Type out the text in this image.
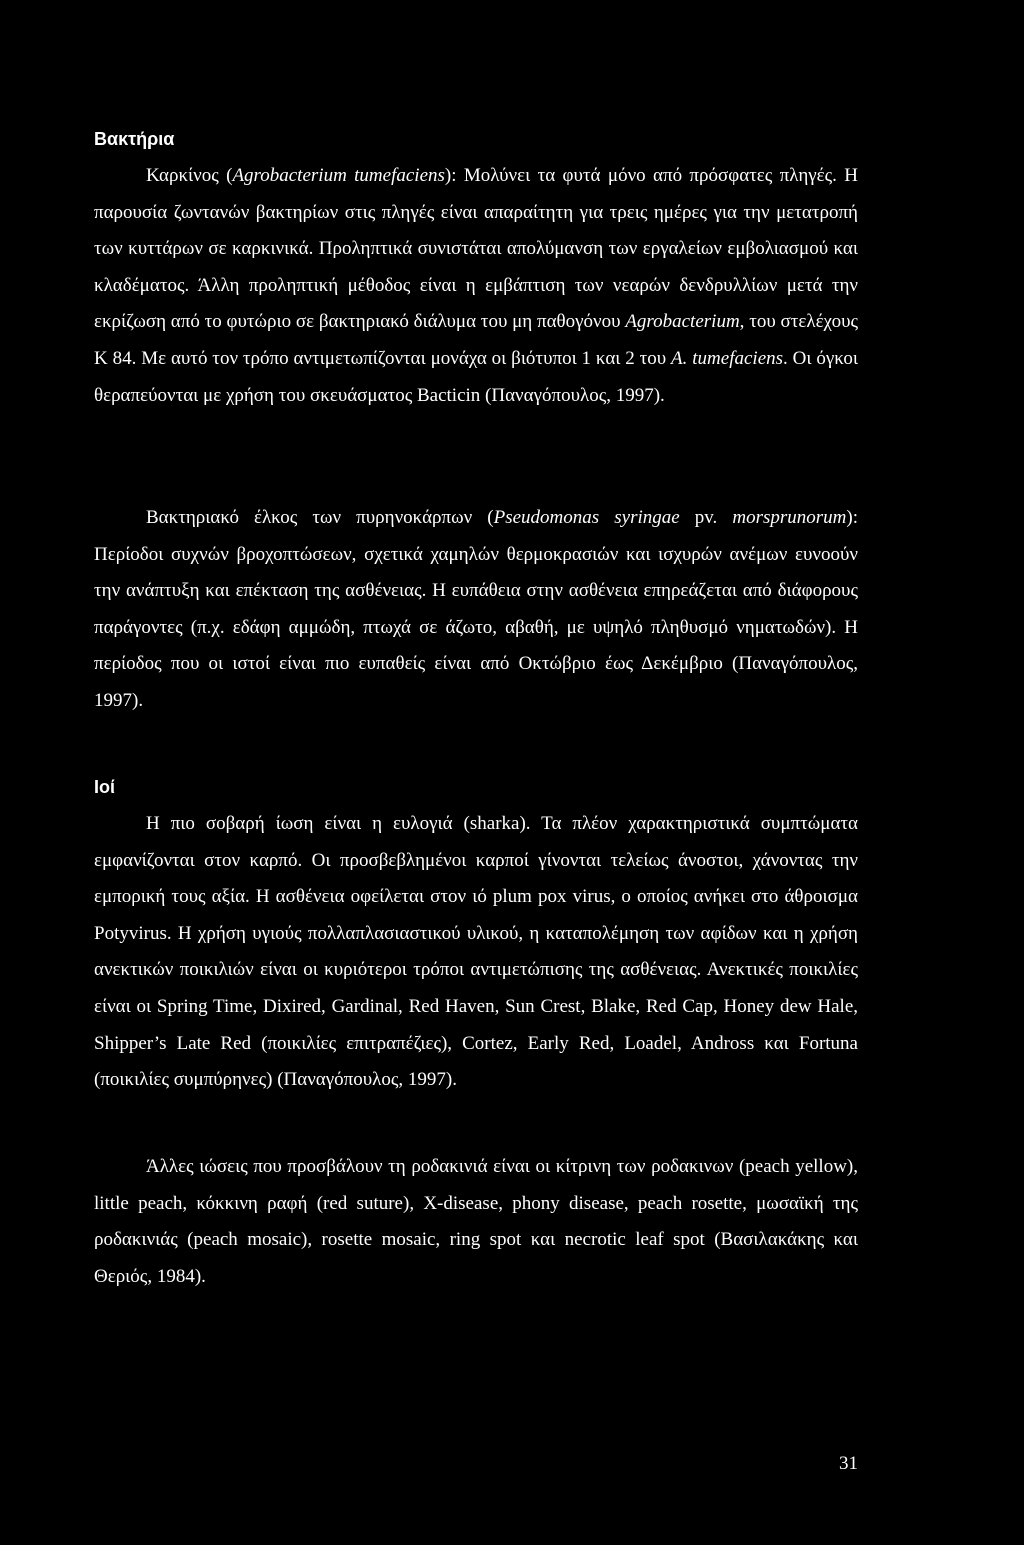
Βακτήρια

Καρκίνος (Agrobacterium tumefaciens): Μολύνει τα φυτά μόνο από πρόσφατες πληγές. Η παρουσία ζωντανών βακτηρίων στις πληγές είναι απαραίτητη για τρεις ημέρες για την μετατροπή των κυττάρων σε καρκινικά. Προληπτικά συνιστάται απολύμανση των εργαλείων εμβολιασμού και κλαδέματος. Άλλη προληπτική μέθοδος είναι η εμβάπτιση των νεαρών δενδρυλλίων μετά την εκρίζωση από το φυτώριο σε βακτηριακό διάλυμα του μη παθογόνου Agrobacterium, του στελέχους K 84. Με αυτό τον τρόπο αντιμετωπίζονται μονάχα οι βιότυποι 1 και 2 του A. tumefaciens. Οι όγκοι θεραπεύονται με χρήση του σκευάσματος Bacticin (Παναγόπουλος, 1997).

Βακτηριακό έλκος των πυρηνοκάρπων (Pseudomonas syringae pv. morsprunorum): Περίοδοι συχνών βροχοπτώσεων, σχετικά χαμηλών θερμοκρασιών και ισχυρών ανέμων ευνοούν την ανάπτυξη και επέκταση της ασθένειας. Η ευπάθεια στην ασθένεια επηρεάζεται από διάφορους παράγοντες (π.χ. εδάφη αμμώδη, πτωχά σε άζωτο, αβαθή, με υψηλό πληθυσμό νηματωδών). Η περίοδος που οι ιστοί είναι πιο ευπαθείς είναι από Οκτώβριο έως Δεκέμβριο (Παναγόπουλος, 1997).

Ιοί

Η πιο σοβαρή ίωση είναι η ευλογιά (sharka). Τα πλέον χαρακτηριστικά συμπτώματα εμφανίζονται στον καρπό. Οι προσβεβλημένοι καρποί γίνονται τελείως άνοστοι, χάνοντας την εμπορική τους αξία. Η ασθένεια οφείλεται στον ιό plum pox virus, ο οποίος ανήκει στο άθροισμα Potyvirus. Η χρήση υγιούς πολλαπλασιαστικού υλικού, η καταπολέμηση των αφίδων και η χρήση ανεκτικών ποικιλιών είναι οι κυριότεροι τρόποι αντιμετώπισης της ασθένειας. Ανεκτικές ποικιλίες είναι οι Spring Time, Dixired, Gardinal, Red Haven, Sun Crest, Blake, Red Cap, Honey dew Hale, Shipper’s Late Red (ποικιλίες επιτραπέζιες), Cortez, Early Red, Loadel, Andross και Fortuna (ποικιλίες συμπύρηνες) (Παναγόπουλος, 1997).

Άλλες ιώσεις που προσβάλουν τη ροδακινιά είναι οι κίτρινη των ροδακινων (peach yellow), little peach, κόκκινη ραφή (red suture), X-disease, phony disease, peach rosette, μωσαϊκή της ροδακινιάς (peach mosaic), rosette mosaic, ring spot και necrotic leaf spot (Βασιλακάκης και Θεριός, 1984).

31
